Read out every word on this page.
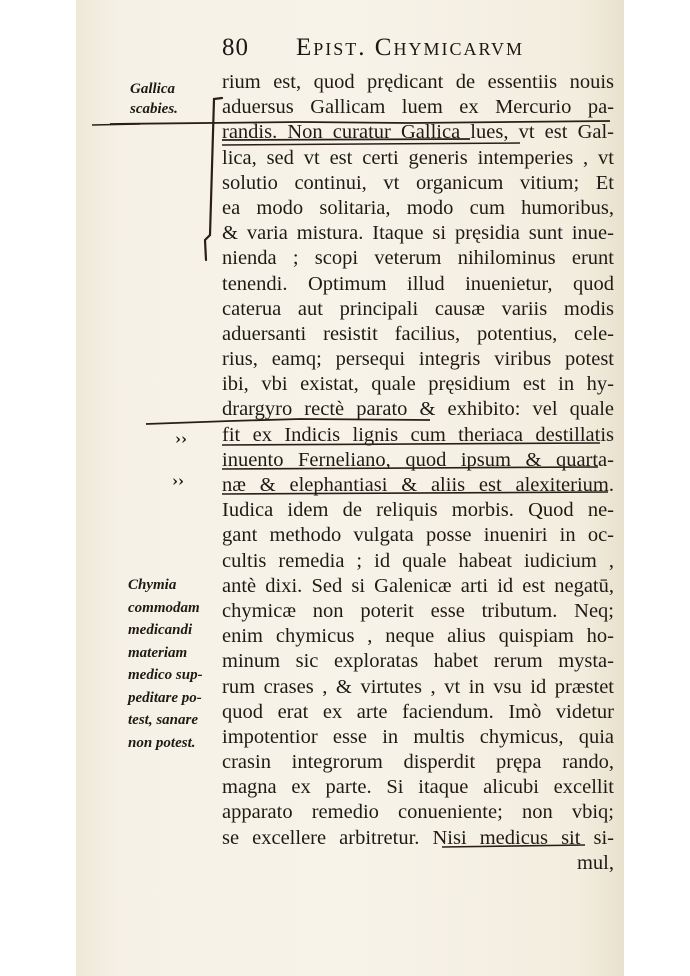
80 Epist. Chymicarvm
Gallica
scabies.
Chymia
commodam
medicandi
materiam
medico sup-
peditare po-
test, sanare
non potest.
››
››
rium est, quod prędicant de essentiis nouis
aduersus Gallicam luem ex Mercurio pa-
randis. Non curatur Gallica lues, vt est Gal-
lica, sed vt est certi generis intemperies , vt
solutio continui, vt organicum vitium; Et
ea modo solitaria, modo cum humoribus,
& varia mistura. Itaque si pręsidia sunt inue-
nienda ; scopi veterum nihilominus erunt
tenendi. Optimum illud inuenietur, quod
caterua aut principali causæ variis modis
aduersanti resistit facilius, potentius, cele-
rius, eamq; persequi integris viribus potest
ibi, vbi existat, quale pręsidium est in hy-
drargyro rectè parato & exhibito: vel quale
fit ex Indicis lignis cum theriaca destillatis
inuento Ferneliano, quod ipsum & quarta-
næ & elephantiasi & aliis est alexiterium.
Iudica idem de reliquis morbis. Quod ne-
gant methodo vulgata posse inueniri in oc-
cultis remedia ; id quale habeat iudicium ,
antè dixi. Sed si Galenicæ arti id est negatū,
chymicæ non poterit esse tributum. Neq;
enim chymicus , neque alius quispiam ho-
minum sic exploratas habet rerum mysta-
rum crases , & virtutes , vt in vsu id præstet
quod erat ex arte faciendum. Imò videtur
impotentior esse in multis chymicus, quia
crasin integrorum disperdit prępa rando,
magna ex parte. Si itaque alicubi excellit
apparato remedio conueniente; non vbiq;
se excellere arbitretur. Nisi medicus sit si-
mul,
